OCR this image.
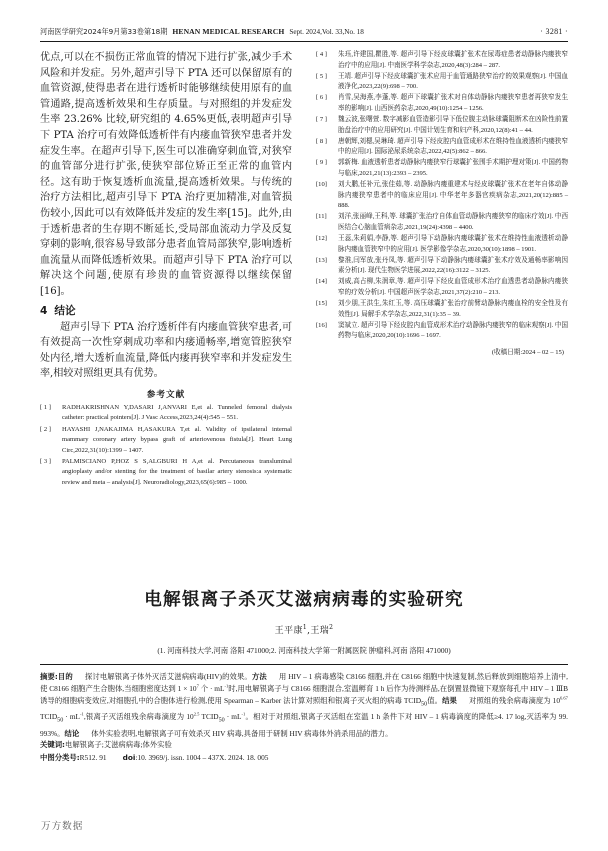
河南医学研究2024年9月第33卷第18期 HENAN MEDICAL RESEARCH Sept. 2024,Vol. 33,No. 18	· 3281 ·

优点,可以在不损伤正常血管的情况下进行扩张,减少手术风险和并发症。另外,超声引导下 PTA 还可以保留原有的血管资源,使得患者在进行透析时能够继续使用原有的血管通路,提高透析效果和生存质量。与对照组的并发症发生率 23.26% 比较,研究组的 4.65%更低,表明超声引导下 PTA 治疗可有效降低透析伴有内瘘血管狭窄患者并发症发生率。在超声引导下,医生可以准确穿刺血管,对狭窄的血管部分进行扩张,使狭窄部位矫正至正常的血管内径。这有助于恢复透析血流量,提高透析效果。与传统的治疗方法相比,超声引导下 PTA 治疗更加精准,对血管损伤较小,因此可以有效降低并发症的发生率[15]。此外,由于透析患者的生存期不断延长,受局部血流动力学及反复穿刺的影响,很容易导致部分患者血管局部狭窄,影响透析血流量从而降低透析效果。而超声引导下 PTA 治疗可以解决这个问题,使原有珍贵的血管资源得以继续保留[16]。

4 结论

超声引导下 PTA 治疗透析伴有内瘘血管狭窄患者,可有效提高一次性穿刺成功率和内瘘通畅率,增宽管腔狭窄处内径,增大透析血流量,降低内瘘再狭窄率和并发症发生率,相较对照组更具有优势。

参考文献
[ 1 ]	RADHAKRISHNAN Y,DASARI J,ANVARI E,et al. Tunneled femoral dialysis catheter: practical pointers[J]. J Vasc Access,2023,24(4):545 – 551.
[ 2 ]	HAYASHI J,NAKAJIMA H,ASAKURA T,et al. Validity of ipsilateral internal mammary coronary artery bypass graft of arteriovenous fistula[J]. Heart Lung Circ,2022,31(10):1399 – 1407.
[ 3 ]	PALMISCIANO P,HOZ S S,ALGBURI H A,et al. Percutaneous transluminal angioplasty and/or stenting for the treatment of basilar artery stenosis:a systematic review and meta – analysis[J]. Neuroradiology,2023,65(6):985 – 1000.
[ 4 ]	朱珏,许建国,瞿胜,等. 超声引导下经皮球囊扩张术在尿毒症患者动静脉内瘘狭窄治疗中的应用[J]. 中南医学科学杂志,2020,48(3):284 – 287.
[ 5 ]	王靖. 超声引导下经皮球囊扩张术应用于血管通路狭窄治疗的效果观察[J]. 中国血液净化,2023,22(9):698 – 700.
[ 6 ]	肖雪,吴海燕,李蓬,等. 超声下球囊扩张术对自体动静脉内瘘狭窄患者再狭窄发生率的影响[J]. 山西医药杂志,2020,49(10):1254 – 1256.
[ 7 ]	魏云波,张曙萱. 数字减影血管造影引导下低位腹主动脉球囊阻断术在凶险性前置胎盘治疗中的应用研究[J]. 中国计划生育和妇产科,2020,12(8):41 – 44.
[ 8 ]	唐朝辉,刘楒,吴琳琦. 超声引导下经皮腔内血管成形术在维持性血液透析内瘘狭窄中的应用[J]. 国际泌尿系统杂志,2022,42(5):862 – 866.
[ 9 ]	郭新梅. 血液透析患者动静脉内瘘狭窄行球囊扩张围手术期护理对策[J]. 中国药物与临床,2021,21(13):2393 – 2395.
[10]	刘大鹏,任补元,张佳茹,等. 动静脉内瘘重建术与经皮球囊扩张术在老年自体动静脉内瘘狭窄患者中的临床应用[J]. 中华老年多器官疾病杂志,2021,20(12):885 – 888.
[11]	刘洋,张丽峰,王科,等. 球囊扩张治疗自体血管动静脉内瘘狭窄的临床疗效[J]. 中西医结合心脑血管病杂志,2021,19(24):4398 – 4400.
[12]	王蕊,朱莉娟,李静,等. 超声引导下动静脉内瘘球囊扩张术在维持性血液透析动静脉内瘘血管狭窄中的应用[J]. 医学影像学杂志,2020,30(10):1898 – 1901.
[13]	黎淮,闫军放,张丹凤,等. 超声引导下动静脉内瘘球囊扩张术疗效及通畅率影响因素分析[J]. 现代生物医学进展,2022,22(16):3122 – 3125.
[14]	刘威,高占柳,朱润章,等. 超声引导下经皮血管成形术治疗血透患者动静脉内瘘狭窄的疗效分析[J]. 中国超声医学杂志,2021,37(2):210 – 213.
[15]	刘少朋,王洪生,朱红玉,等. 高压球囊扩张治疗前臂动静脉内瘘血栓的安全性及有效性[J]. 局解手术学杂志,2022,31(1):35 – 39.
[16]	窦斌立. 超声引导下经皮腔内血管成形术治疗动静脉内瘘狭窄的临床观察[J]. 中国药物与临床,2020,20(10):1696 – 1697.
(收稿日期:2024 – 02 – 15)
电解银离子杀灭艾滋病病毒的实验研究
王平康$^1$,王瑞$^2$
(1. 河南科技大学,河南 洛阳 471000;2. 河南科技大学第一附属医院 肿瘤科,河南 洛阳 471000)
摘要:目的 探讨电解银离子体外灭活艾滋病病毒(HIV)的效果。方法 用 HIV – 1 病毒感染 C8166 细胞,并在 C8166 细胞中快速复制,然后释放到细胞培养上清中,使 C8166 细胞产生合胞体,当细胞密度达到 $1 \times 10^7$ 个 · $mL^{-1}$时,用电解银离子与 C8166 细胞混合,室温孵育 1 h 后作为待测样品,在倒置显微镜下观察每孔中 HIV – 1 ⅢB 诱导的细胞病变效应,对细胞孔中的合胞体进行检测,使用 Spearman – Karber 法计算对照组和银离子灭火组的病毒 $TCID_{50}$值。结果 对照组的残余病毒滴度为 $10^{6.67}$ $TCID_{50} \cdot mL^{-1}$,银离子灭活组残余病毒滴度为 $10^{2.5}$ $TCID_{50} \cdot mL^{-1}$。相对于对照组,银离子灭活组在室温 1 h 条件下对 HIV – 1 病毒滴度的降低≥4. 17 log,灭活率为 99. 993%。结论 体外实验表明,电解银离子可有效杀灭 HIV 病毒,具备用于研制 HIV 病毒体外消杀用品的潜力。
关键词:电解银离子;艾滋病病毒;体外实验
中图分类号:R512. 91 doi:10. 3969/j. issn. 1004 – 437X. 2024. 18. 005
万方数据
